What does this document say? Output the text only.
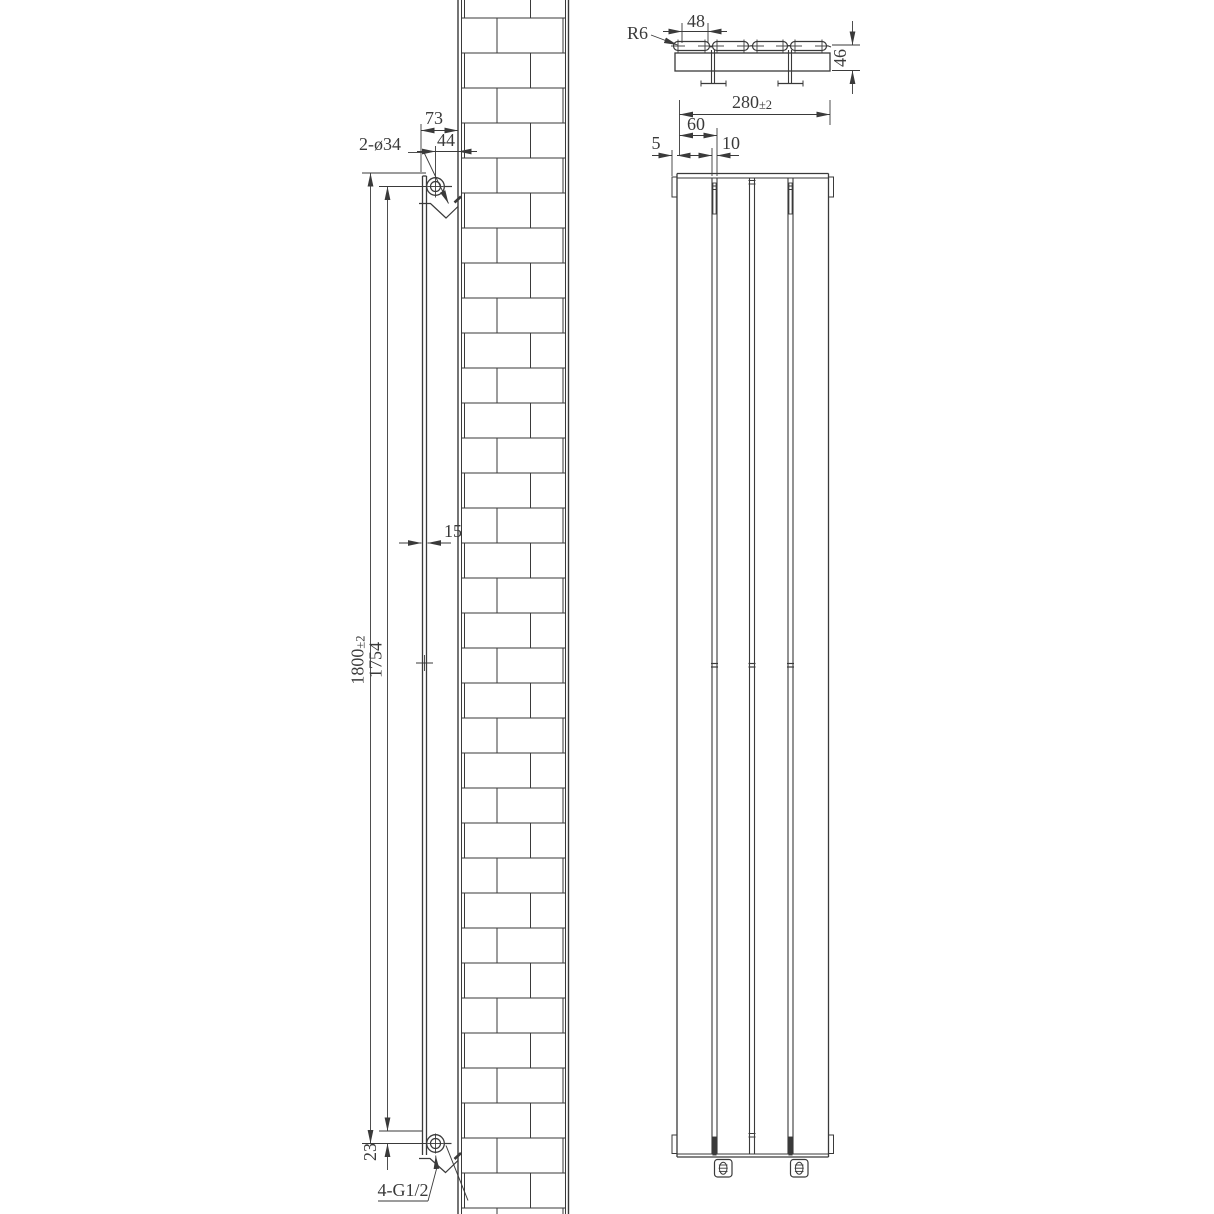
1800±2
1754
23
73
44
2-ø34
15
4-G1/2
R6
48
46
280±2
60
5	10
